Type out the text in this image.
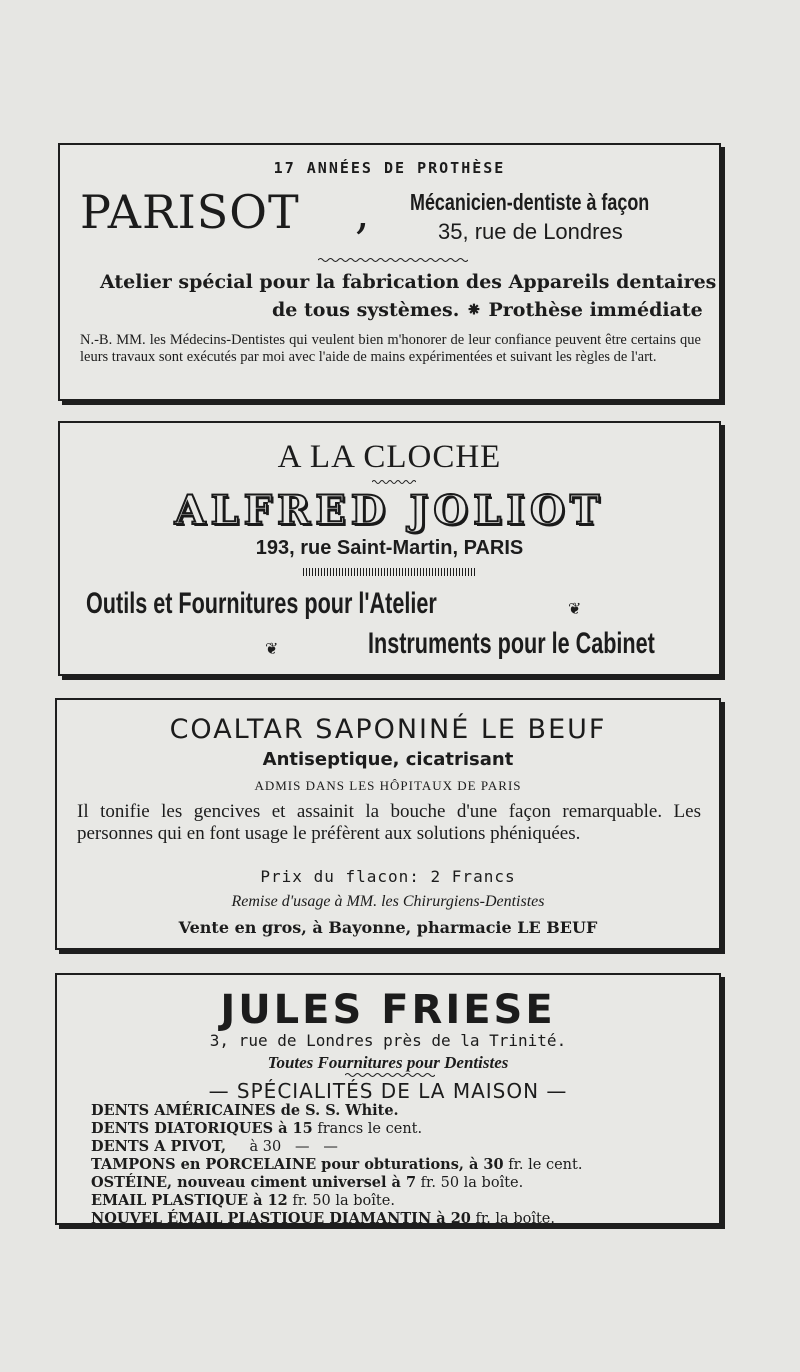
17 ANNÉES DE PROTHÈSE
PARISOT , Mécanicien-dentiste à façon
35, rue de Londres
Atelier spécial pour la fabrication des Appareils dentaires
de tous systèmes. ⁕ Prothèse immédiate
N.-B. MM. les Médecins-Dentistes qui veulent bien m'honorer de leur confiance peuvent être certains que leurs travaux sont exécutés par moi avec l'aide de mains expérimentées et suivant les règles de l'art.
A LA CLOCHE
ALFRED JOLIOT
193, rue Saint-Martin, PARIS
Outils et Fournitures pour l'Atelier	❦
❦	Instruments pour le Cabinet
COALTAR SAPONINÉ LE BEUF
Antiseptique, cicatrisant
ADMIS DANS LES HÔPITAUX DE PARIS
Il tonifie les gencives et assainit la bouche d'une façon remarquable. Les personnes qui en font usage le préfèrent aux solutions phéniquées.
Prix du flacon: 2 Francs
Remise d'usage à MM. les Chirurgiens-Dentistes
Vente en gros, à Bayonne, pharmacie LE BEUF
JULES FRIESE
3, rue de Londres près de la Trinité.
Toutes Fournitures pour Dentistes
— SPÉCIALITÉS DE LA MAISON —
DENTS AMÉRICAINES de S. S. White.
DENTS DIATORIQUES à 15 francs le cent.
DENTS A PIVOT,     à 30   —   —
TAMPONS en PORCELAINE pour obturations, à 30 fr. le cent.
OSTÉINE, nouveau ciment universel à 7 fr. 50 la boîte.
EMAIL PLASTIQUE à 12 fr. 50 la boîte.
NOUVEL ÉMAIL PLASTIQUE DIAMANTIN à 20 fr. la boîte.
